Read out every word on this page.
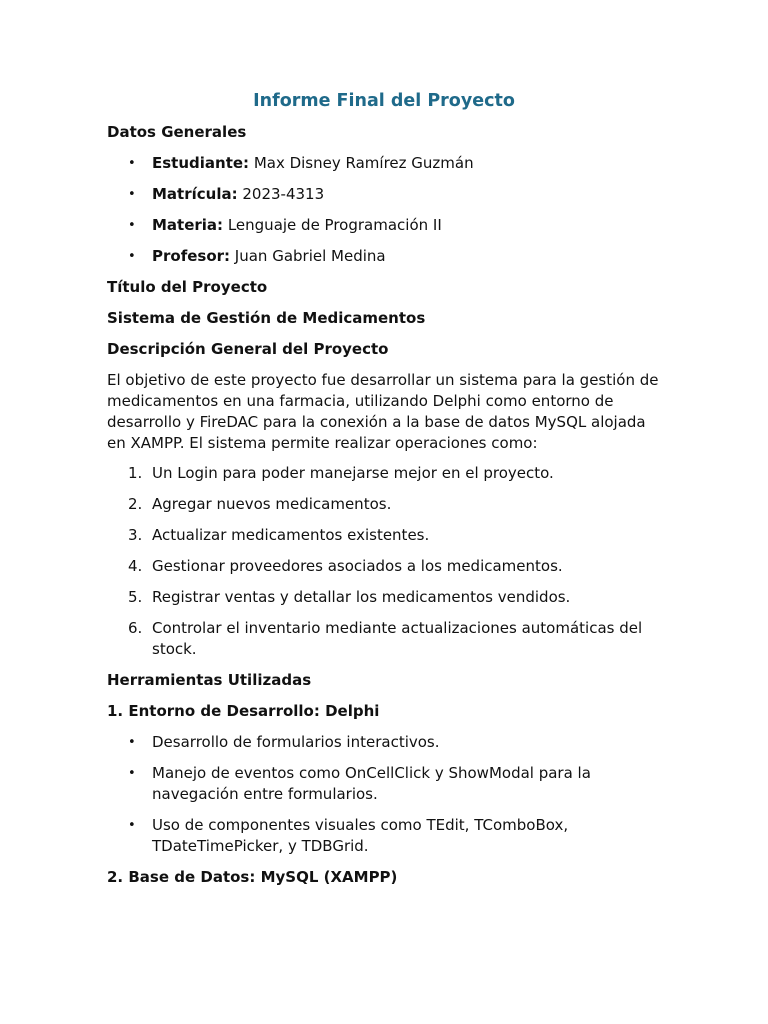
Informe Final del Proyecto
Datos Generales
•	Estudiante: Max Disney Ramírez Guzmán
•	Matrícula: 2023-4313
•	Materia: Lenguaje de Programación II
•	Profesor: Juan Gabriel Medina
Título del Proyecto
Sistema de Gestión de Medicamentos
Descripción General del Proyecto

El objetivo de este proyecto fue desarrollar un sistema para la gestión de medicamentos en una farmacia, utilizando Delphi como entorno de desarrollo y FireDAC para la conexión a la base de datos MySQL alojada en XAMPP. El sistema permite realizar operaciones como:

1. Un Login para poder manejarse mejor en el proyecto.
2. Agregar nuevos medicamentos.
3. Actualizar medicamentos existentes.
4. Gestionar proveedores asociados a los medicamentos.
5. Registrar ventas y detallar los medicamentos vendidos.
6. Controlar el inventario mediante actualizaciones automáticas del stock.
Herramientas Utilizadas
1. Entorno de Desarrollo: Delphi
•	Desarrollo de formularios interactivos.
•	Manejo de eventos como OnCellClick y ShowModal para la navegación entre formularios.
•	Uso de componentes visuales como TEdit, TComboBox, TDateTimePicker, y TDBGrid.
2. Base de Datos: MySQL (XAMPP)
